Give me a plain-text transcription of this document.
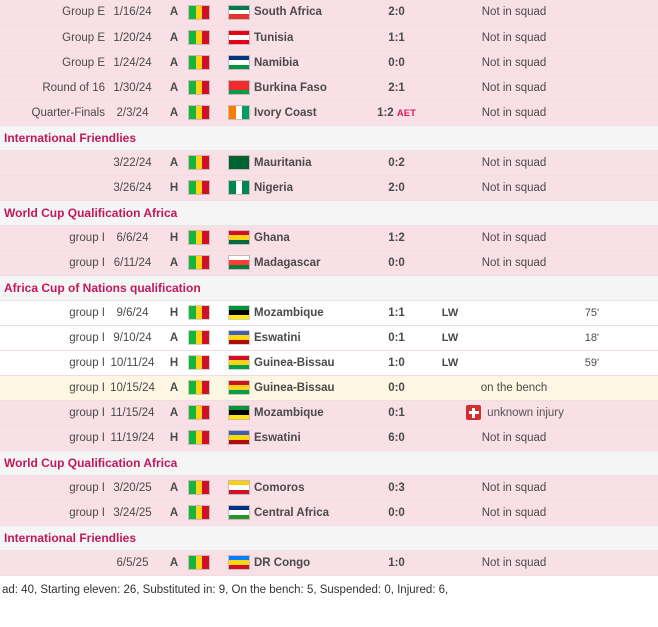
Group E	1/16/24	A			South Africa	2:0	Not in squad						
Group E	1/20/24	A			Tunisia	1:1	Not in squad						
Group E	1/24/24	A			Namibia	0:0	Not in squad						
Round of 16	1/30/24	A			Burkina Faso	2:1	Not in squad						
Quarter-Finals	2/3/24	A			Ivory Coast	1:2 AET	Not in squad						
International Friendlies													
	3/22/24	A			Mauritania	0:2	Not in squad						
	3/26/24	H			Nigeria	2:0	Not in squad						
World Cup Qualification Africa													
group I	6/6/24	H			Ghana	1:2	Not in squad						
group I	6/11/24	A			Madagascar	0:0	Not in squad						
Africa Cup of Nations qualification													
group I	9/6/24	H			Mozambique	1:1	LW					75'	
group I	9/10/24	A			Eswatini	0:1	LW					18'	
group I	10/11/24	H			Guinea-Bissau	1:0	LW					59'	
group I	10/15/24	A			Guinea-Bissau	0:0	on the bench						
group I	11/15/24	A			Mozambique	0:1	unknown injury						

group I	11/19/24	H			Eswatini	6:0	Not in squad						
World Cup Qualification Africa													
group I	3/20/25	A			Comoros	0:3	Not in squad						
group I	3/24/25	A			Central Africa	0:0	Not in squad						
International Friendlies													
	6/5/25	A			DR Congo	1:0	Not in squad						
ad: 40, Starting eleven: 26, Substituted in: 9, On the bench: 5, Suspended: 0, Injured: 6,
